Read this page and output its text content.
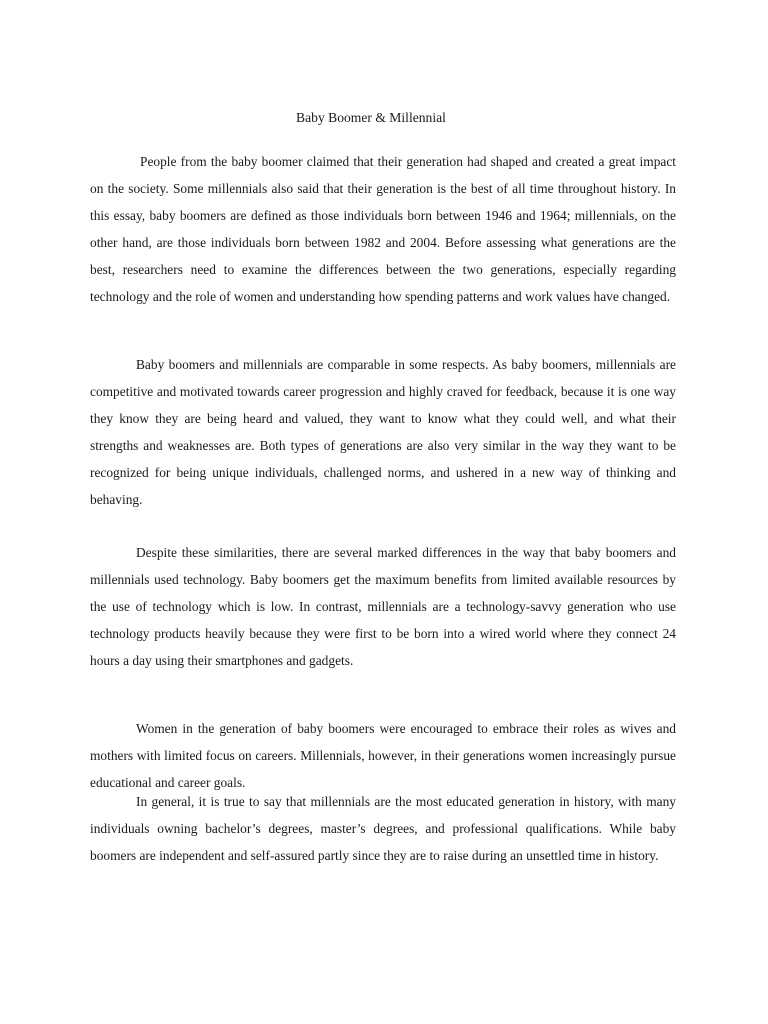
Baby Boomer & Millennial

People from the baby boomer claimed that their generation had shaped and created a great impact on the society. Some millennials also said that their generation is the best of all time throughout history. In this essay, baby boomers are defined as those individuals born between 1946 and 1964; millennials, on the other hand, are those individuals born between 1982 and 2004. Before assessing what generations are the best, researchers need to examine the differences between the two generations, especially regarding technology and the role of women and understanding how spending patterns and work values have changed.

Baby boomers and millennials are comparable in some respects. As baby boomers, millennials are competitive and motivated towards career progression and highly craved for feedback, because it is one way they know they are being heard and valued, they want to know what they could well, and what their strengths and weaknesses are. Both types of generations are also very similar in the way they want to be recognized for being unique individuals, challenged norms, and ushered in a new way of thinking and behaving.

Despite these similarities, there are several marked differences in the way that baby boomers and millennials used technology. Baby boomers get the maximum benefits from limited available resources by the use of technology which is low. In contrast, millennials are a technology-savvy generation who use technology products heavily because they were first to be born into a wired world where they connect 24 hours a day using their smartphones and gadgets.

Women in the generation of baby boomers were encouraged to embrace their roles as wives and mothers with limited focus on careers. Millennials, however, in their generations women increasingly pursue educational and career goals.

In general, it is true to say that millennials are the most educated generation in history, with many individuals owning bachelor’s degrees, master’s degrees, and professional qualifications. While baby boomers are independent and self-assured partly since they are to raise during an unsettled time in history.
